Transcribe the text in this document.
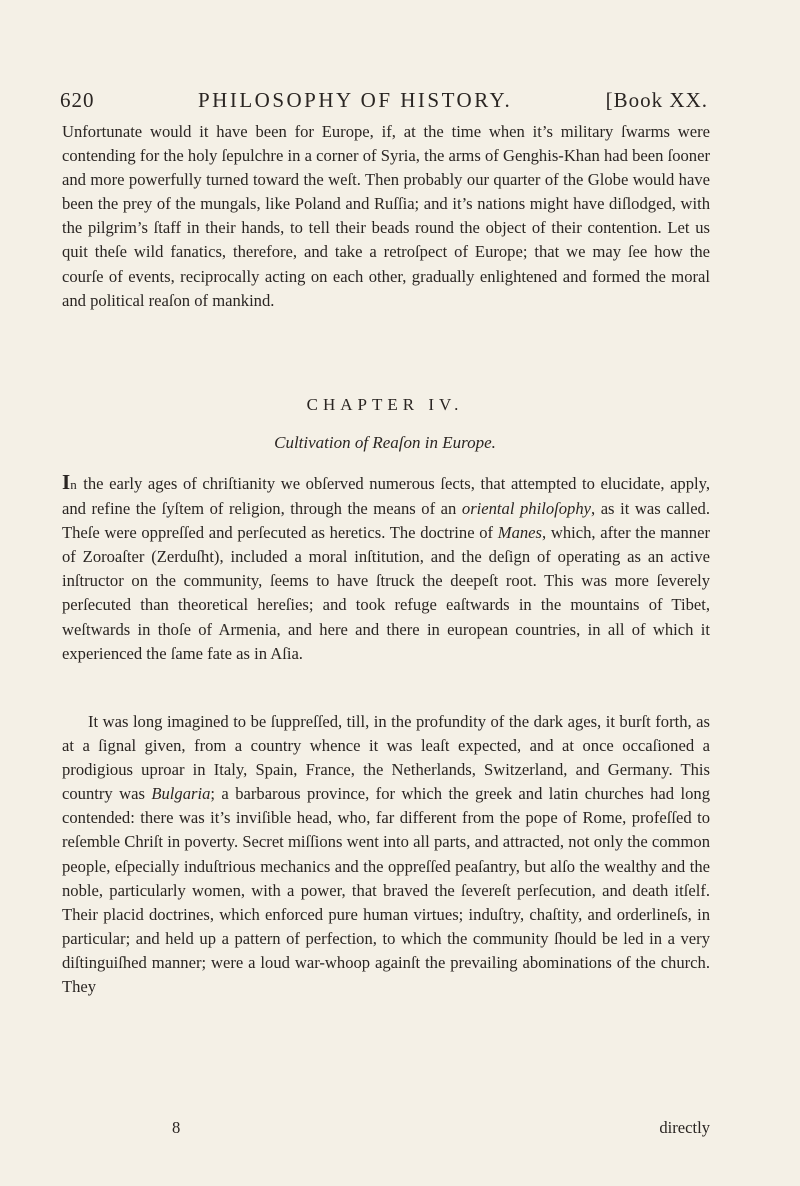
620	PHILOSOPHY OF HISTORY.	[Book XX.

Unfortunate would it have been for Europe, if, at the time when it’s military ſwarms were contending for the holy ſepulchre in a corner of Syria, the arms of Genghis-Khan had been ſooner and more powerfully turned toward the weſt. Then probably our quarter of the Globe would have been the prey of the mungals, like Poland and Ruſſia; and it’s nations might have diſlodged, with the pilgrim’s ſtaff in their hands, to tell their beads round the object of their contention. Let us quit theſe wild fanatics, therefore, and take a retroſpect of Europe; that we may ſee how the courſe of events, reciprocally acting on each other, gradually enlightened and formed the moral and political reaſon of mankind.

CHAPTER IV.

Cultivation of Reaſon in Europe.

In the early ages of chriſtianity we obſerved numerous ſects, that attempted to elucidate, apply, and refine the ſyſtem of religion, through the means of an oriental philoſophy, as it was called. Theſe were oppreſſed and perſecuted as heretics. The doctrine of Manes, which, after the manner of Zoroaſter (Zerduſht), included a moral inſtitution, and the deſign of operating as an active inſtructor on the community, ſeems to have ſtruck the deepeſt root. This was more ſeverely perſecuted than theoretical hereſies; and took refuge eaſtwards in the mountains of Tibet, weſtwards in thoſe of Armenia, and here and there in european countries, in all of which it experienced the ſame fate as in Aſia.

It was long imagined to be ſuppreſſed, till, in the profundity of the dark ages, it burſt forth, as at a ſignal given, from a country whence it was leaſt expected, and at once occaſioned a prodigious uproar in Italy, Spain, France, the Netherlands, Switzerland, and Germany. This country was Bulgaria; a barbarous province, for which the greek and latin churches had long contended: there was it’s inviſible head, who, far different from the pope of Rome, profeſſed to reſemble Chriſt in poverty. Secret miſſions went into all parts, and attracted, not only the common people, eſpecially induſtrious mechanics and the oppreſſed peaſantry, but alſo the wealthy and the noble, particularly women, with a power, that braved the ſevereſt perſecution, and death itſelf. Their placid doctrines, which enforced pure human virtues; induſtry, chaſtity, and orderlineſs, in particular; and held up a pattern of perfection, to which the community ſhould be led in a very diſtinguiſhed manner; were a loud war-whoop againſt the prevailing abominations of the church. They

8	directly
